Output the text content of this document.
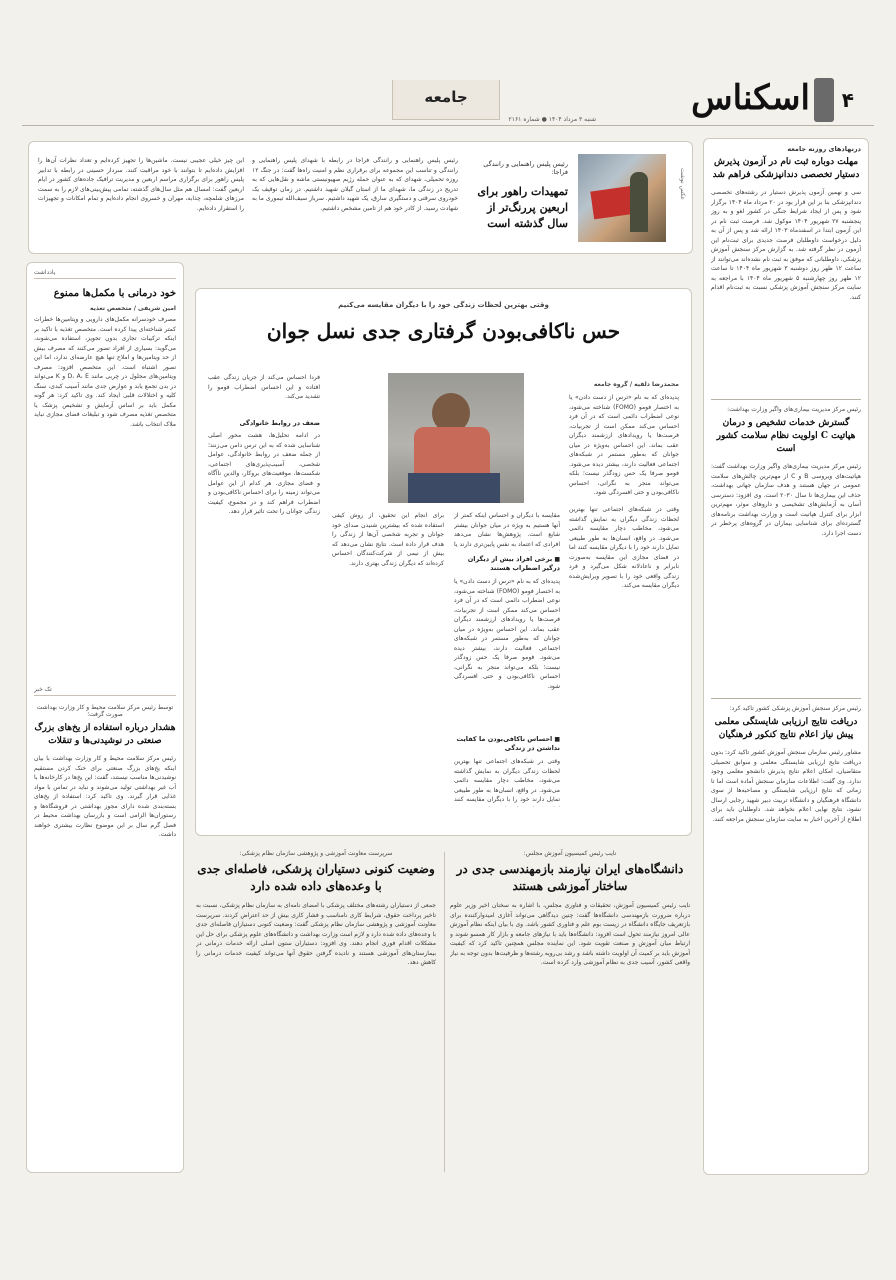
۴
اسکناس
شنبه ۳ مرداد ۱۴۰۴ ● شماره ۲۱۶۱
جامعه
عکس نوشت
رئیس پلیس راهنمایی و رانندگی فراجا:
تمهیدات راهور برای اربعین پررنگ‌تر از سال گذشته است
رئیس پلیس راهنمایی و رانندگی فراجا در رابطه با شهدای پلیس راهنمایی و رانندگی و تناسب این مجموعه برای برقراری نظم و امنیت راه‌ها گفت: در جنگ ۱۲ روزه تحمیلی، شهدای که به عنوان حمله رژیم صهیونیستی ماشه و نقل‌هایی که به تدریج در زندگی ما، شهدای ما از استان گیلان شهید داشتیم. در زمان توقیف یک خودروی سرقتی و دستگیری سارق، یک شهید داشتیم. سرباز سیف‌الله تیموری ما به شهادت رسید. از کادر خود هم از تامین مشخص داشتیم.
این چیز خیلی عجیبی نیست. ماشین‌ها را تجهیز کرده‌ایم و تعداد نظرات آن‌ها را افزایش داده‌ایم تا بتوانند با خود مراقبت کنند. سردار حسینی در رابطه با تدابیر پلیس راهور برای برگزاری مراسم اربعین و مدیریت ترافیک جاده‌های کشور در ایام اربعین گفت: امسال هم مثل سال‌های گذشته، تمامی پیش‌بینی‌های لازم را به سمت مرزهای شلمچه، چذابه، مهران و خسروی انجام داده‌ایم و تمام امکانات و تجهیزات را استقرار داده‌ایم.
درنهادهای روزنه جامعه
مهلت دوباره ثبت نام در آزمون پذیرش دستیار تخصصی دندانپزشکی فراهم شد
سی و نهمین آزمون پذیرش دستیار در رشته‌های تخصصی دندانپزشکی بنا بر این قرار بود در ۲۰ مرداد ماه ۱۴۰۴ برگزار شود و پس از ایجاد شرایط جنگی در کشور لغو و به روز پنجشنبه ۲۷ شهریور ۱۴۰۴ موکول شد. فرصت ثبت نام در این آزمون ابتدا در اسفندماه ۱۴۰۳ ارائه شد و پس از آن به دلیل درخواست داوطلبان فرصت جدیدی برای ثبت‌نام این آزمون در نظر گرفته شد. به گزارش مرکز سنجش آموزش پزشکی، داوطلبانی که موفق به ثبت نام نشده‌اند می‌توانند از ساعت ۱۲ ظهر روز دوشنبه ۳ شهریور ماه ۱۴۰۴ تا ساعت ۱۲ ظهر روز چهارشنبه ۵ شهریور ماه ۱۴۰۴ با مراجعه به سایت مرکز سنجش آموزش پزشکی نسبت به ثبت‌نام اقدام کنند.
رئیس مرکز مدیریت بیماری‌های واگیر وزارت بهداشت:
گسترش خدمات تشخیص و درمان هپاتیت C اولویت نظام سلامت کشور است
رئیس مرکز مدیریت بیماری‌های واگیر وزارت بهداشت گفت: هپاتیت‌های ویروسی B و C از مهم‌ترین چالش‌های سلامت عمومی در جهان هستند و هدف سازمان جهانی بهداشت، حذف این بیماری‌ها تا سال ۲۰۳۰ است. وی افزود: دسترسی آسان به آزمایش‌های تشخیصی و داروهای موثر، مهم‌ترین ابزار برای کنترل هپاتیت است و وزارت بهداشت برنامه‌های گسترده‌ای برای شناسایی بیماران در گروه‌های پرخطر در دست اجرا دارد.
رئیس مرکز سنجش آموزش پزشکی کشور تاکید کرد:
دریافت نتایج ارزیابی شایستگی معلمی پیش نیاز اعلام نتایج کنکور فرهنگیان
مشاور رئیس سازمان سنجش آموزش کشور تاکید کرد: بدون دریافت نتایج ارزیابی شایستگی معلمی و سوابق تحصیلی متقاضیان، امکان اعلام نتایج پذیرش دانشجو معلمی وجود ندارد. وی گفت: اطلاعات سازمان سنجش آماده است اما تا زمانی که نتایج ارزیابی شایستگی و مصاحبه‌ها از سوی دانشگاه فرهنگیان و دانشگاه تربیت دبیر شهید رجایی ارسال نشود، نتایج نهایی اعلام نخواهد شد. داوطلبان باید برای اطلاع از آخرین اخبار به سایت سازمان سنجش مراجعه کنند.
یادداشت
خود درمانی با مکمل‌ها ممنوع
امین شریفی / متخصص تغذیه
مصرف خودسرانه مکمل‌های دارویی و ویتامین‌ها خطرات کمتر شناخته‌ای پیدا کرده است. متخصص تغذیه با تاکید بر اینکه ترکیبات تجاری بدون تجویز، استفاده می‌شوند، می‌گوید: بسیاری از افراد تصور می‌کنند که مصرف بیش از حد ویتامین‌ها و املاح تنها هیچ عارضه‌ای ندارد، اما این تصور اشتباه است. این متخصص افزود: مصرف ویتامین‌های محلول در چربی مانند D، A، E و K می‌تواند در بدن تجمع یابد و عوارض جدی مانند آسیب کبدی، سنگ کلیه و اختلالات قلبی ایجاد کند. وی تاکید کرد: هر گونه مکمل باید بر اساس آزمایش و تشخیص پزشک یا متخصص تغذیه مصرف شود و تبلیغات فضای مجازی نباید ملاک انتخاب باشد.
تک خبر
توسط رئیس مرکز سلامت محیط و کار وزارت بهداشت صورت گرفت؛
هشدار درباره استفاده از یخ‌های بزرگ صنعتی در نوشیدنی‌ها و تنقلات
رئیس مرکز سلامت محیط و کار وزارت بهداشت با بیان اینکه یخ‌های بزرگ صنعتی برای خنک کردن مستقیم نوشیدنی‌ها مناسب نیستند، گفت: این یخ‌ها در کارخانه‌ها با آب غیر بهداشتی تولید می‌شوند و نباید در تماس با مواد غذایی قرار گیرند. وی تاکید کرد: استفاده از یخ‌های بسته‌بندی شده دارای مجوز بهداشتی در فروشگاه‌ها و رستوران‌ها الزامی است و بازرسان بهداشت محیط در فصل گرم سال بر این موضوع نظارت بیشتری خواهند داشت.
وقتی بهترین لحظات زندگی خود را با دیگران مقایسه می‌کنیم
حس ناکافی‌بودن گرفتاری جدی نسل جوان
محمدرضا دلفیه / گروه جامعه
پدیده‌ای که به نام «ترس از دست دادن» یا به اختصار فومو (FOMO) شناخته می‌شود، نوعی اضطراب دائمی است که در آن فرد احساس می‌کند ممکن است از تجربیات، فرصت‌ها یا رویدادهای ارزشمند دیگران عقب بماند. این احساس به‌ویژه در میان جوانان که به‌طور مستمر در شبکه‌های اجتماعی فعالیت دارند، بیشتر دیده می‌شود. فومو صرفا یک حس زودگذر نیست؛ بلکه می‌تواند منجر به نگرانی، احساس ناکافی‌بودن و حتی افسردگی شود.
وقتی در شبکه‌های اجتماعی تنها بهترین لحظات زندگی دیگران به نمایش گذاشته می‌شود، مخاطب دچار مقایسه دائمی می‌شود. در واقع، انسان‌ها به طور طبیعی تمایل دارند خود را با دیگران مقایسه کنند اما در فضای مجازی این مقایسه به‌صورت نابرابر و ناعادلانه شکل می‌گیرد و فرد زندگی واقعی خود را با تصویر ویرایش‌شده دیگران مقایسه می‌کند.
فردا احساس می‌کند از جریان زندگی عقب افتاده و این احساس اضطراب فومو را تشدید می‌کند.
ضعف در روابط خانوادگی
در ادامه تحلیل‌ها، هشت محور اصلی شناسایی شده که به این ترس دامن می‌زنند؛ از جمله ضعف در روابط خانوادگی، عوامل شخصی، آسیب‌پذیری‌های اجتماعی، شکست‌ها، موقعیت‌های بروکار، والدین ناآگاه و فضای مجازی. هر کدام از این عوامل می‌تواند زمینه را برای احساس ناکافی‌بودن و اضطراب فراهم کند و در مجموع، کیفیت زندگی جوانان را تحت تاثیر قرار دهد.
مقایسه با دیگران و احساس اینکه کمتر از آنها هستیم به ویژه در میان جوانان بیشتر شایع است. پژوهش‌ها نشان می‌دهد افرادی که اعتماد به نفس پایین‌تری دارند یا
■ برخی افراد بیش از دیگران درگیر اضطراب هستند
پدیده‌ای که به نام «ترس از دست دادن» یا به اختصار فومو (FOMO) شناخته می‌شود، نوعی اضطراب دائمی است که در آن فرد احساس می‌کند ممکن است از تجربیات، فرصت‌ها یا رویدادهای ارزشمند دیگران عقب بماند. این احساس به‌ویژه در میان جوانان که به‌طور مستمر در شبکه‌های اجتماعی فعالیت دارند، بیشتر دیده می‌شود. فومو صرفا یک حس زودگذر نیست؛ بلکه می‌تواند منجر به نگرانی، احساس ناکافی‌بودن و حتی افسردگی شود.
■ احساس ناکافی‌بودن ما کفایت نداشتن در زندگی
وقتی در شبکه‌های اجتماعی تنها بهترین لحظات زندگی دیگران به نمایش گذاشته می‌شود، مخاطب دچار مقایسه دائمی می‌شود. در واقع، انسان‌ها به طور طبیعی تمایل دارند خود را با دیگران مقایسه کنند
برای انجام این تحقیق، از روش کیفی استفاده شده که بیشترین شنیدن صدای خود جوانان و تجربه شخصی آن‌ها از زندگی را هدف قرار داده است. نتایج نشان می‌دهد که بیش از نیمی از شرکت‌کنندگان احساس کرده‌اند که دیگران زندگی بهتری دارند.
نایب رئیس کمیسیون آموزش مجلس:
دانشگاه‌های ایران نیازمند بازمهندسی جدی در ساختار آموزشی هستند
نایب رئیس کمیسیون آموزش، تحقیقات و فناوری مجلس، با اشاره به سخنان اخیر وزیر علوم درباره ضرورت بازمهندسی دانشگاه‌ها گفت: چنین دیدگاهی می‌تواند آغازی امیدوارکننده برای بازتعریف جایگاه دانشگاه در زیست بوم علم و فناوری کشور باشد. وی با بیان اینکه نظام آموزش عالی امروز نیازمند تحول است افزود: دانشگاه‌ها باید با نیازهای جامعه و بازار کار همسو شوند و ارتباط میان آموزش و صنعت تقویت شود. این نماینده مجلس همچنین تاکید کرد که کیفیت آموزش باید بر کمیت آن اولویت داشته باشد و رشد بی‌رویه رشته‌ها و ظرفیت‌ها بدون توجه به نیاز واقعی کشور، آسیب جدی به نظام آموزشی وارد کرده است.
سرپرست معاونت آموزشی و پژوهشی سازمان نظام پزشکی:
وضعیت کنونی دستیاران پزشکی، فاصله‌ای جدی با وعده‌های داده شده دارد
جمعی از دستیاران رشته‌های مختلف پزشکی با امضای نامه‌ای به سازمان نظام پزشکی، نسبت به تاخیر پرداخت حقوق، شرایط کاری نامناسب و فشار کاری بیش از حد اعتراض کردند. سرپرست معاونت آموزشی و پژوهشی سازمان نظام پزشکی گفت: وضعیت کنونی دستیاران فاصله‌ای جدی با وعده‌های داده شده دارد و لازم است وزارت بهداشت و دانشگاه‌های علوم پزشکی برای حل این مشکلات اقدام فوری انجام دهند. وی افزود: دستیاران ستون اصلی ارائه خدمات درمانی در بیمارستان‌های آموزشی هستند و نادیده گرفتن حقوق آنها می‌تواند کیفیت خدمات درمانی را کاهش دهد.
